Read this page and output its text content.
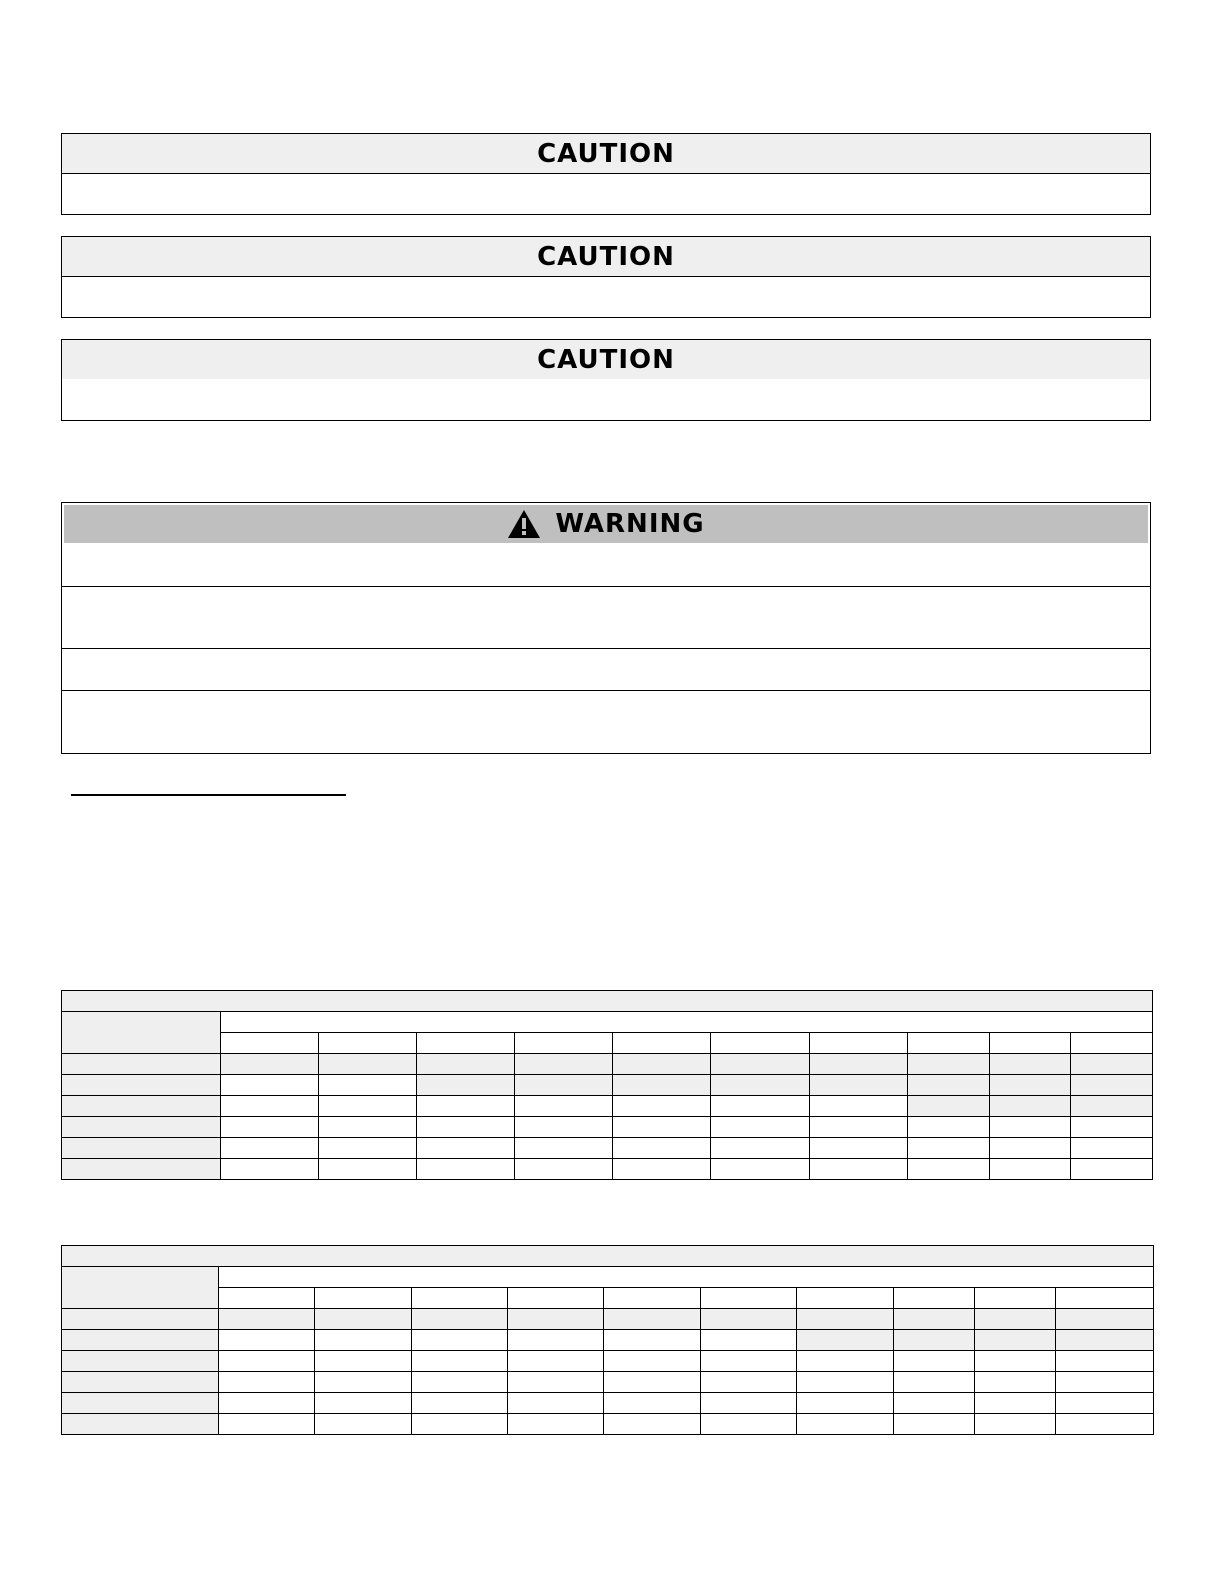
CAUTION
CAUTION
CAUTION
WARNING
